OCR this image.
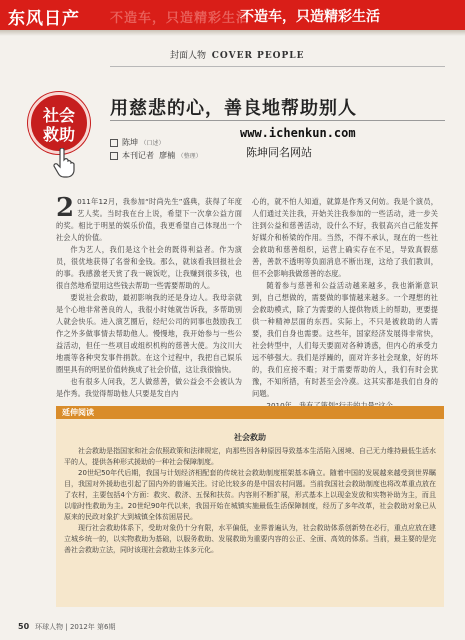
东风日产 不造车，只造精彩生活
不造车，只造精彩生活
封面人物 COVER PEOPLE
社会
救助
用慈悲的心，善良地帮助别人
陈坤 （口述）
本刊记者 廖楠 （整理）
www.ichenkun.com
陈坤同名网站

2 011年12月，我参加“时尚先生”盛典，获得了年度艺人奖。当时我在台上说，希望下一次拿公益方面的奖。相比于明星的娱乐价值，我更希望自己体现出一个社会人的价值。

作为艺人，我们是这个社会的既得利益者。作为演员，很优地获得了名誉和金钱。那么，就该看我回报社会的事。我感激老天赏了我一碗饭吃，让我赚到很多钱，也很自然地希望用这些钱去帮助一些需要帮助的人。

要说社会救助，最初影响我的还是身边人。我母亲就是个心地非常善良的人，我很小时她就告诉我，多帮助别人就会快乐。进入演艺圈后，经纪公司的同事也鼓励我工作之外多做事情去帮助他人。慢慢地，我开始参与一些公益活动，但任一些项目或组织机构的慈善大使。为汶川大地震等各种突发事件捐款。在这个过程中，我把自己娱乐圈里具有的明星价值转换成了社会价值，这让我很愉快。

也有很多人问我，艺人做慈善，做公益会不会被认为是作秀。我觉得帮助他人只要是发自内

心的，就不怕人知道，就算是作秀又何妨。我是个演员，人们通过关注我，开始关注我参加的一些活动，进一步关注到公益和慈善活动，设什么不好，我很高兴自己能发挥好媒介和桥梁的作用。当然，不得不承认，现在的一些社会救助和慈善组织，运营上确实存在不足，导致真假慈善，善款不透明等负面消息不断出现，这给了我们教训，但不会影响我做慈善的态度。

随着参与慈善和公益活动越来越多，我也渐渐意识到，自己想做的，需要做的事情越来越多。一个理想的社会救助模式，除了为需要的人提供物质上的帮助，更要提供一种精神层面的东西。实际上，不只是被救助的人需要，我们自身也需要。这些年，国家经济发展得非常快，社会转型中，人们每天要面对各种诱惑，但内心的承受力远不够强大。我们是浮躁的，面对许多社会现象，好的坏的，我们应接不暇；对于需要帮助的人，我们有时会犹豫，不知所措，有时甚至会冷漠。这其实都是我们自身的问题。

延伸阅读
社会救助

社会救助是指国家和社会依照政策和法律规定，向那些因各种原因导致基本生活陷入困境、自己无力维持最低生活水平的人，提供各种形式援助的一种社会保障制度。

20世纪50年代后期，我国与计划经济相配套的传统社会救助制度框架基本确立。随着中国的发展越来越受到世界瞩目，我国对外援助也引起了国内外的普遍关注。讨论比较多的是中国农村问题。当前我国社会救助制度也将改革重点放在了农村，主要包括4个方面：救灾、救济、五保和扶贫。内容则不断扩展，形式基本上以现金发放和实物补助为主，而且以临时性救助为主。20世纪90年代以来，我国开始在城镇实施最低生活保障制度，经历了多年改革，社会救助对象已从原来的民政对象扩大到城镇全体贫困居民。

现行社会救助体系下，受助对象仍十分有限，水平偏低，业界普遍认为，社会救助体系创新势在必行，重点应放在建立城乡统一的，以实物救助为基础，以服务救助、发展救助为重要内容的公正、全面、高效的体系。当前，最主要的是完善社会救助立法，同时该现社会救助主体多元化。

50 环球人物 | 2012年 第6期
